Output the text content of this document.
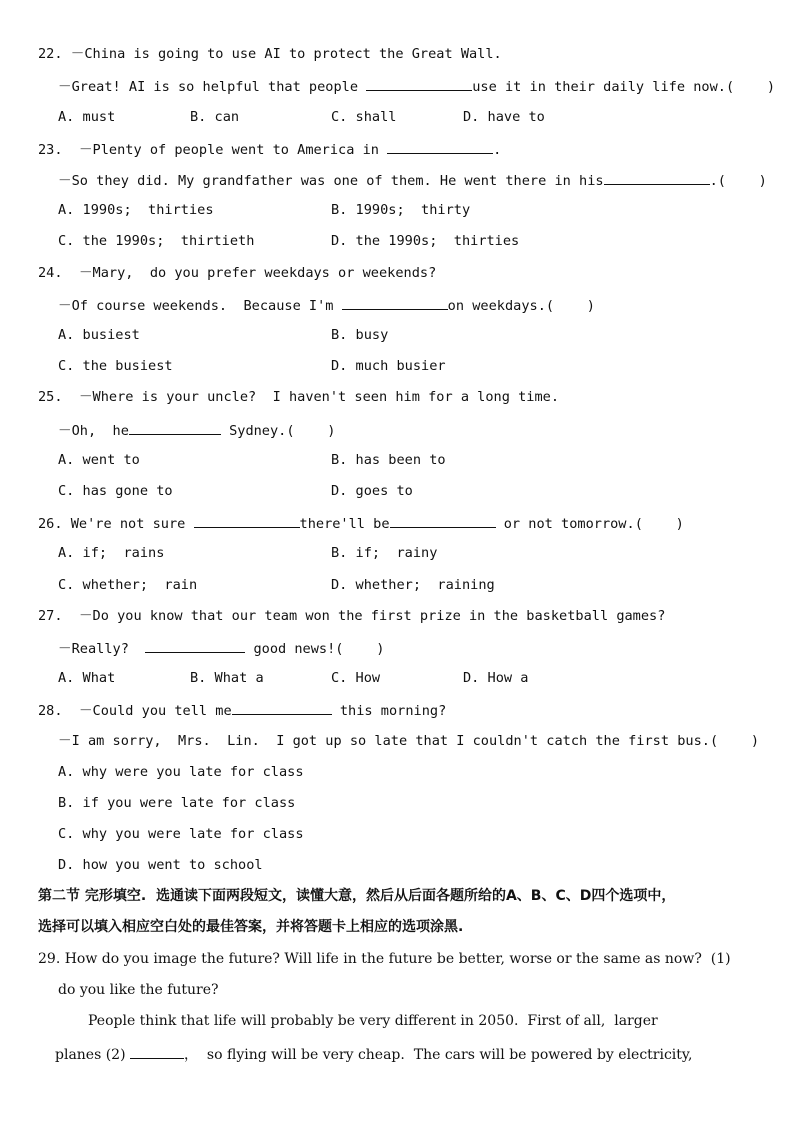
22. －China is going to use AI to protect the Great Wall.
－Great! AI is so helpful that people	use it in their daily life now.(    )
A. must	B. can	C. shall	D. have to
23. －Plenty of people went to America in	.
－So they did. My grandfather was one of them. He went there in his	.(    )
A. 1990s;  thirties	B. 1990s;  thirty
C. the 1990s;  thirtieth	D. the 1990s;  thirties
24. －Mary,  do you prefer weekdays or weekends?
－Of course weekends.  Because I'm	on weekdays.(    )
A. busiest	B. busy
C. the busiest	D. much busier
25. －Where is your uncle?  I haven't seen him for a long time.
－Oh,  he	Sydney.(    )
A. went to	B. has been to
C. has gone to	D. goes to
26. We're not sure	there'll be	or not tomorrow.(    )
A. if;  rains	B. if;  rainy
C. whether;  rain	D. whether;  raining
27. －Do you know that our team won the first prize in the basketball games?
－Really?	good news!(    )
A. What	B. What a	C. How	D. How a
28. －Could you tell me	this morning?
－I am sorry,  Mrs.  Lin.  I got up so late that I couldn't catch the first bus.(    )
A. why were you late for class
B. if you were late for class
C. why you were late for class
D. how you went to school
第二节 完形填空.  选通读下面两段短文，读懂大意，然后从后面各题所给的A、B、C、D四个选项中，
选择可以填入相应空白处的最佳答案，并将答题卡上相应的选项涂黑.
29. How do you image the future? Will life in the future be better, worse or the same as now?  (1)
do you like the future?
People think that life will probably be very different in 2050.  First of all,  larger
planes (2)	，  so flying will be very cheap.  The cars will be powered by electricity,
